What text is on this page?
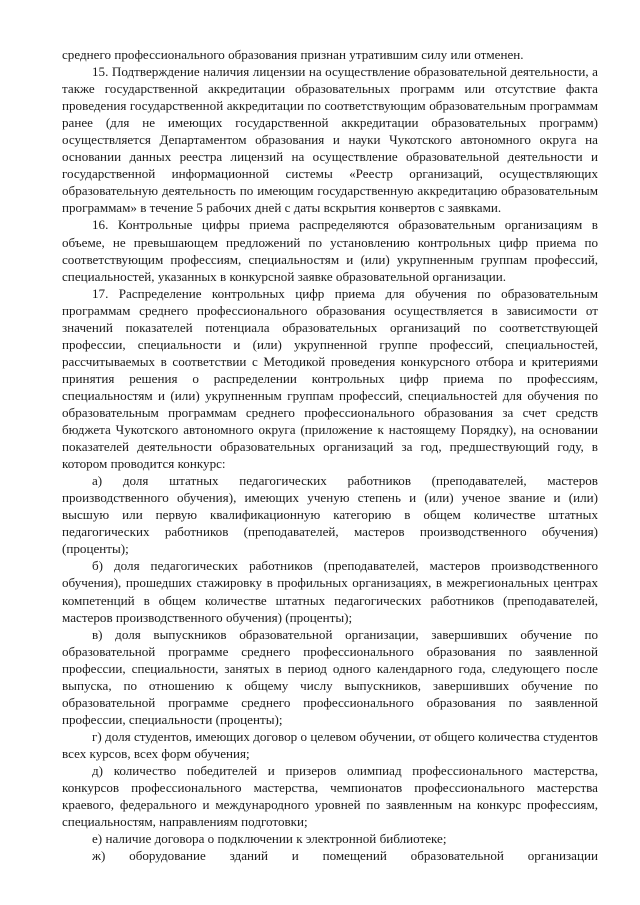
среднего профессионального образования признан утратившим силу или отменен.

15. Подтверждение наличия лицензии на осуществление образовательной деятельности, а также государственной аккредитации образовательных программ или отсутствие факта проведения государственной аккредитации по соответствующим образовательным программам ранее (для не имеющих государственной аккредитации образовательных программ) осуществляется Департаментом образования и науки Чукотского автономного округа на основании данных реестра лицензий на осуществление образовательной деятельности и государственной информационной системы «Реестр организаций, осуществляющих образовательную деятельность по имеющим государственную аккредитацию образовательным программам» в течение 5 рабочих дней с даты вскрытия конвертов с заявками.

16. Контрольные цифры приема распределяются образовательным организациям в объеме, не превышающем предложений по установлению контрольных цифр приема по соответствующим профессиям, специальностям и (или) укрупненным группам профессий, специальностей, указанных в конкурсной заявке образовательной организации.

17. Распределение контрольных цифр приема для обучения по образовательным программам среднего профессионального образования осуществляется в зависимости от значений показателей потенциала образовательных организаций по соответствующей профессии, специальности и (или) укрупненной группе профессий, специальностей, рассчитываемых в соответствии с Методикой проведения конкурсного отбора и критериями принятия решения о распределении контрольных цифр приема по профессиям, специальностям и (или) укрупненным группам профессий, специальностей для обучения по образовательным программам среднего профессионального образования за счет средств бюджета Чукотского автономного округа (приложение к настоящему Порядку), на основании показателей деятельности образовательных организаций за год, предшествующий году, в котором проводится конкурс:

а) доля штатных педагогических работников (преподавателей, мастеров производственного обучения), имеющих ученую степень и (или) ученое звание и (или) высшую или первую квалификационную категорию в общем количестве штатных педагогических работников (преподавателей, мастеров производственного обучения) (проценты);

б) доля педагогических работников (преподавателей, мастеров производственного обучения), прошедших стажировку в профильных организациях, в межрегиональных центрах компетенций в общем количестве штатных педагогических работников (преподавателей, мастеров производственного обучения) (проценты);

в) доля выпускников образовательной организации, завершивших обучение по образовательной программе среднего профессионального образования по заявленной профессии, специальности, занятых в период одного календарного года, следующего после выпуска, по отношению к общему числу выпускников, завершивших обучение по образовательной программе среднего профессионального образования по заявленной профессии, специальности (проценты);

г) доля студентов, имеющих договор о целевом обучении, от общего количества студентов всех курсов, всех форм обучения;

д) количество победителей и призеров олимпиад профессионального мастерства, конкурсов профессионального мастерства, чемпионатов профессионального мастерства краевого, федерального и международного уровней по заявленным на конкурс профессиям, специальностям, направлениям подготовки;

е) наличие договора о подключении к электронной библиотеке;

ж) оборудование зданий и помещений образовательной организации
